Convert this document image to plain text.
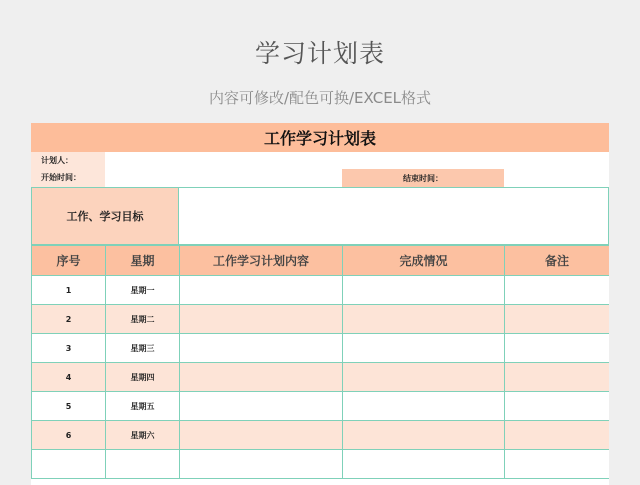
学习计划表
内容可修改/配色可换/EXCEL格式
工作学习计划表
计划人：
开始时间：	结束时间：
工作、学习目标
序号	星期	工作学习计划内容	完成情况	备注
1	星期一			
2	星期二			
3	星期三			
4	星期四			
5	星期五			
6	星期六			
